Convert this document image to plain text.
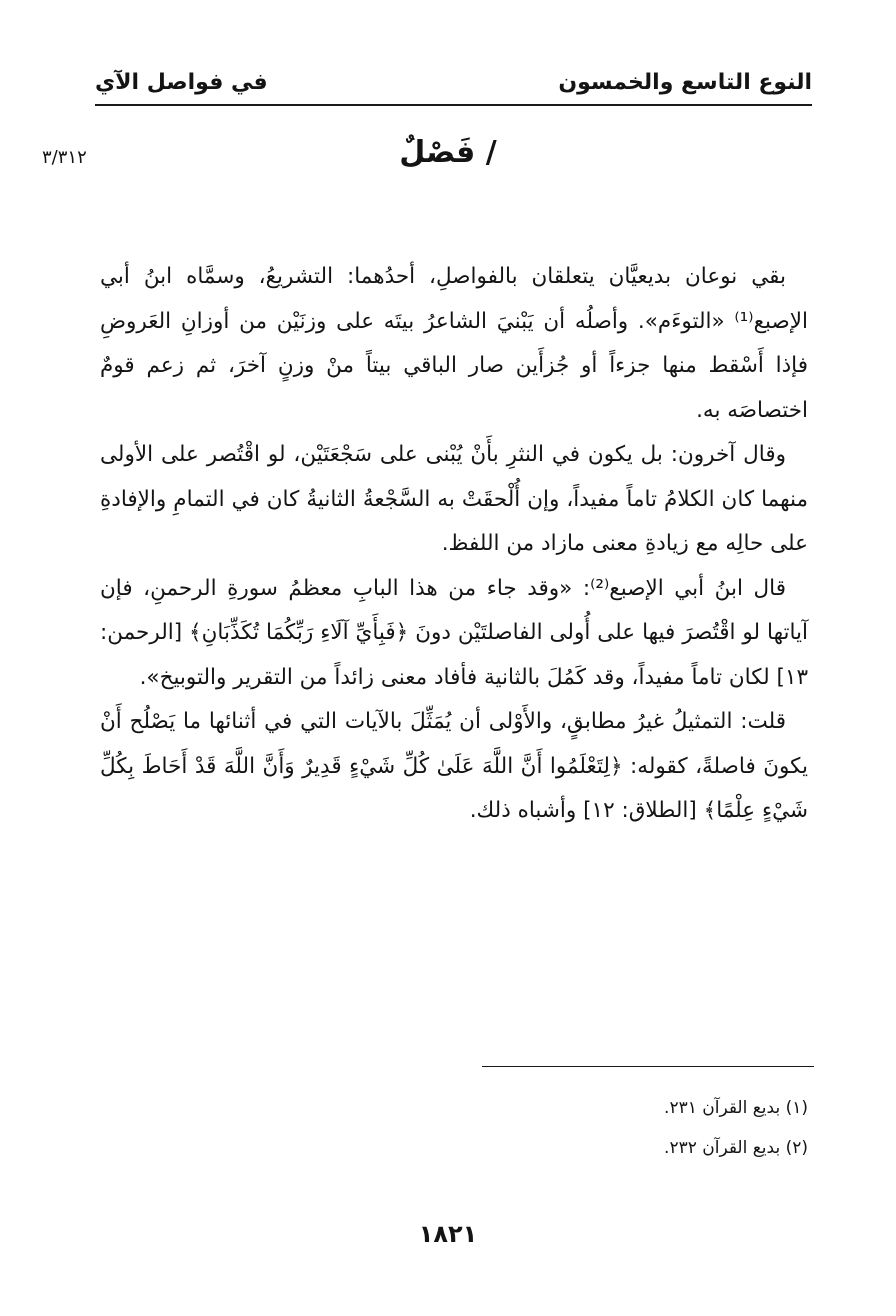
النوع التاسع والخمسون
في فواصل الآي
/ فَصْلٌ
٣/٣١٢

بقي نوعان بديعيَّان يتعلقان بالفواصلِ، أحدُهما: التشريعُ، وسمَّاه ابنُ أبي الإصبع⁽¹⁾ «التوءَم». وأصلُه أن يَبْنيَ الشاعرُ بيتَه على وزنَيْن من أوزانِ العَروضِ فإذا أَسْقط منها جزءاً أو جُزأَين صار الباقي بيتاً منْ وزنٍ آخرَ، ثم زعم قومٌ اختصاصَه به.

وقال آخرون: بل يكون في النثرِ بأَنْ يُبْنى على سَجْعَتَيْن، لو اقْتُصر على الأولى منهما كان الكلامُ تاماً مفيداً، وإن أُلْحقَتْ به السَّجْعةُ الثانيةُ كان في التمامِ والإفادةِ على حالِه مع زيادةِ معنى مازاد من اللفظ.

قال ابنُ أبي الإصبع⁽²⁾: «وقد جاء من هذا البابِ معظمُ سورةِ الرحمنِ، فإن آياتها لو اقْتُصرَ فيها على أُولى الفاصلتَيْن دونَ ﴿فَبِأَيِّ آلَاءِ رَبِّكُمَا تُكَذِّبَانِ﴾ [الرحمن: ١٣] لكان تاماً مفيداً، وقد كَمُلَ بالثانية فأفاد معنى زائداً من التقرير والتوبيخ».

قلت: التمثيلُ غيرُ مطابقٍ، والأَوْلى أن يُمَثِّلَ بالآيات التي في أثنائها ما يَصْلُح أَنْ يكونَ فاصلةً، كقوله: ﴿لِتَعْلَمُوا أَنَّ اللَّهَ عَلَىٰ كُلِّ شَيْءٍ قَدِيرٌ وَأَنَّ اللَّهَ قَدْ أَحَاطَ بِكُلِّ شَيْءٍ عِلْمًا﴾ [الطلاق: ١٢] وأشباه ذلك.

(١) بديع القرآن ٢٣١.
(٢) بديع القرآن ٢٣٢.
١٨٢١
